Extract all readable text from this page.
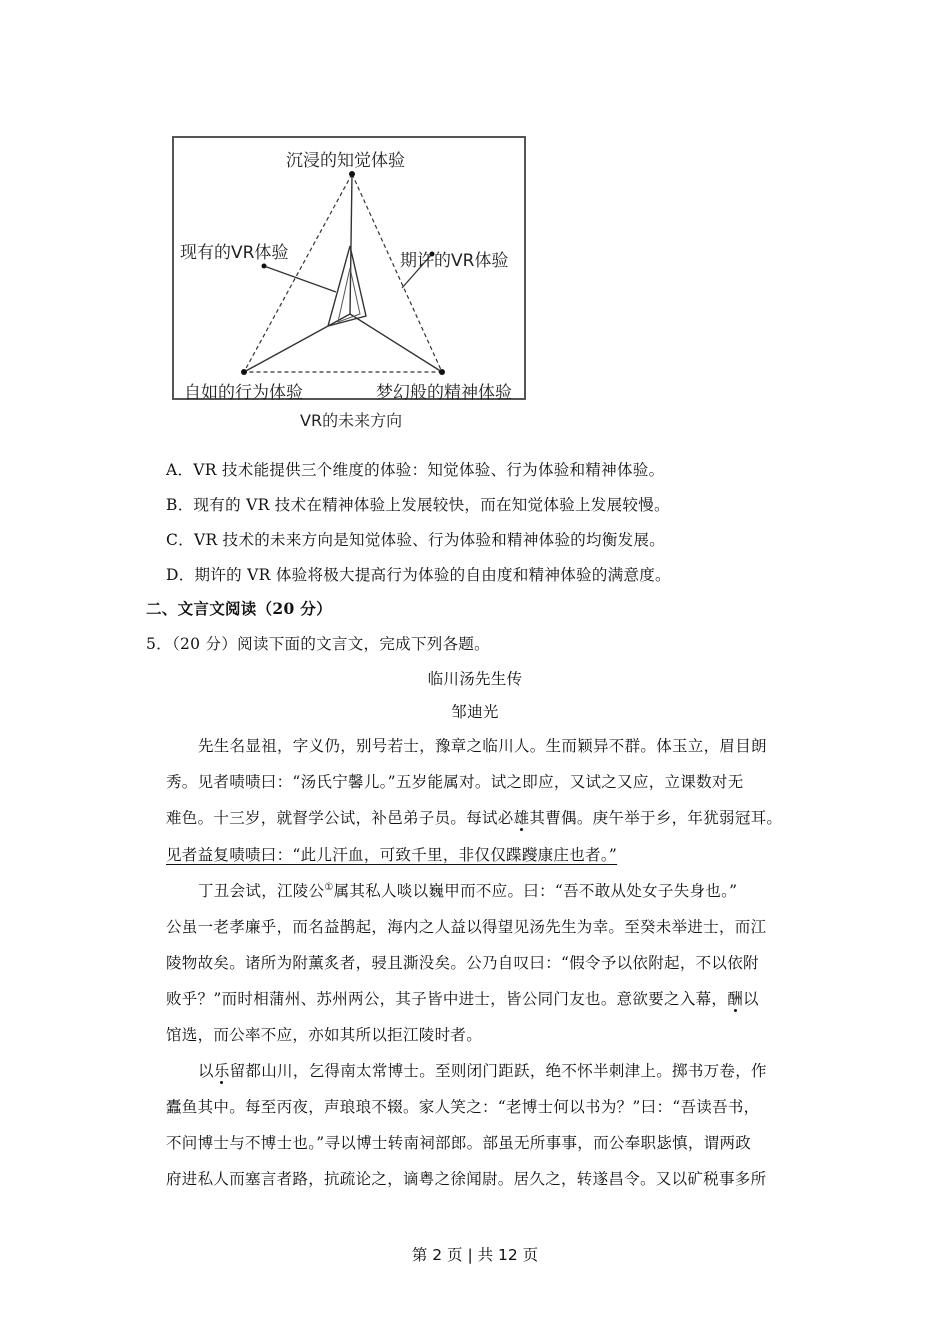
沉浸的知觉体验
现有的VR体验	期许的VR体验
自如的行为体验	梦幻般的精神体验
VR的未来方向
A．VR 技术能提供三个维度的体验：知觉体验、行为体验和精神体验。
B．现有的 VR 技术在精神体验上发展较快，而在知觉体验上发展较慢。
C．VR 技术的未来方向是知觉体验、行为体验和精神体验的均衡发展。
D．期许的 VR 体验将极大提高行为体验的自由度和精神体验的满意度。
二、文言文阅读（20 分）
5．（20 分）阅读下面的文言文，完成下列各题。
临川汤先生传
邹迪光
先生名显祖，字义仍，别号若士，豫章之临川人。生而颖异不群。体玉立，眉目朗
秀。见者啧啧曰：“汤氏宁馨儿。”五岁能属对。试之即应，又试之又应，立课数对无
难色。十三岁，就督学公试，补邑弟子员。每试必雄其曹偶。庚午举于乡，年犹弱冠耳。
见者益复啧啧曰：“此儿汗血，可致千里，非仅仅蹀躞康庄也者。”
丁丑会试，江陵公①属其私人啖以巍甲而不应。曰：“吾不敢从处女子失身也。”
公虽一老孝廉乎，而名益鹊起，海内之人益以得望见汤先生为幸。至癸未举进士，而江
陵物故矣。诸所为附薰炙者，骎且澌没矣。公乃自叹曰：“假令予以依附起，不以依附
败乎？”而时相蒲州、苏州两公，其子皆中进士，皆公同门友也。意欲要之入幕，酬以
馆选，而公率不应，亦如其所以拒江陵时者。
以乐留都山川，乞得南太常博士。至则闭门距跃，绝不怀半刺津上。掷书万卷，作
蠹鱼其中。每至丙夜，声琅琅不辍。家人笑之：“老博士何以书为？”曰：“吾读吾书，
不问博士与不博士也。”寻以博士转南祠部郎。部虽无所事事，而公奉职毖慎，谓两政
府进私人而塞言者路，抗疏论之，谪粤之徐闻尉。居久之，转遂昌令。又以矿税事多所
第 2 页 | 共 12 页
